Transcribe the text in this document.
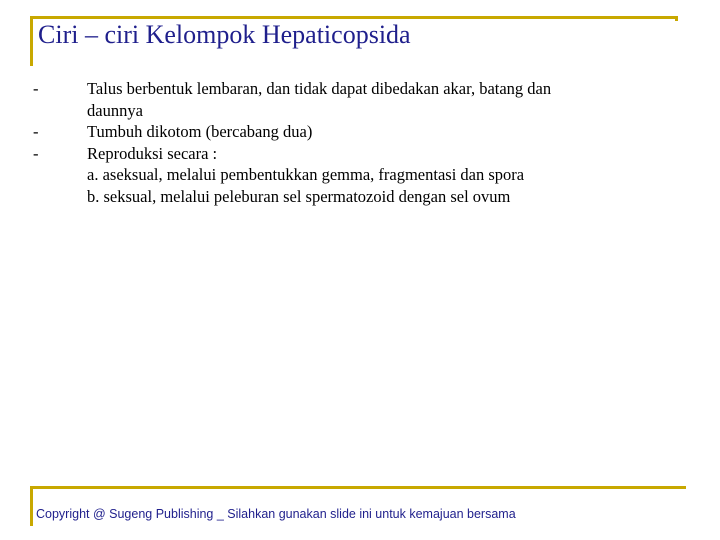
Ciri – ciri Kelompok Hepaticopsida
-	Talus berbentuk lembaran, dan tidak dapat dibedakan akar, batang dan
daunnya
-	Tumbuh dikotom (bercabang dua)
-	Reproduksi secara :
a. aseksual, melalui pembentukkan gemma, fragmentasi dan spora
b. seksual, melalui peleburan sel spermatozoid dengan sel ovum
Copyright @ Sugeng Publishing _ Silahkan gunakan slide ini untuk kemajuan bersama
